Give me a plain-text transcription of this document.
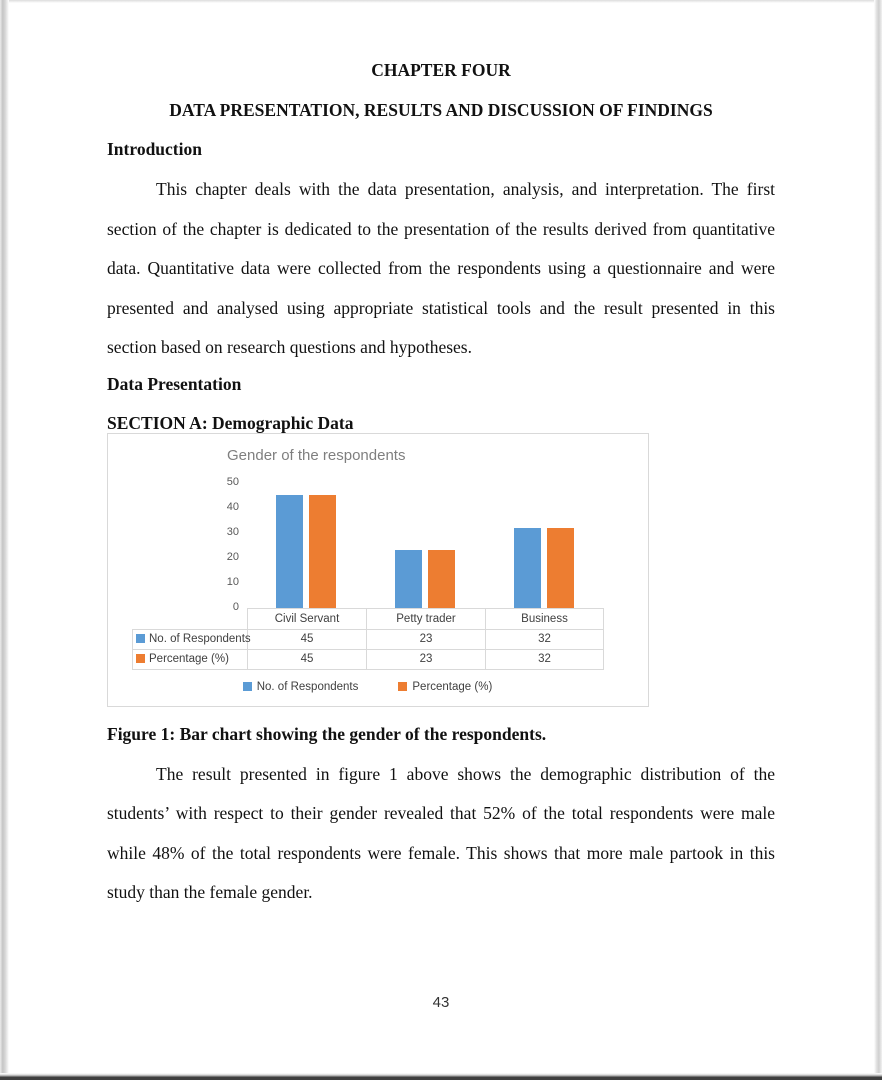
CHAPTER FOUR
DATA PRESENTATION, RESULTS AND DISCUSSION OF FINDINGS
Introduction

This chapter deals with the data presentation, analysis, and interpretation. The first section of the chapter is dedicated to the presentation of the results derived from quantitative data. Quantitative data were collected from the respondents using a questionnaire and were presented and analysed using appropriate statistical tools and the result presented in this section based on research questions and hypotheses.

Data Presentation
SECTION A: Demographic Data
Gender of the respondents
0
10
20
30
40
50
	Civil Servant	Petty trader	Business
No. of Respondents	45	23	32
Percentage (%)	45	23	32
No. of Respondents	Percentage (%)

Figure 1: Bar chart showing the gender of the respondents.

The result presented in figure 1 above shows the demographic distribution of the students’ with respect to their gender revealed that 52% of the total respondents were male while 48% of the total respondents were female. This shows that more male partook in this study than the female gender.

43
